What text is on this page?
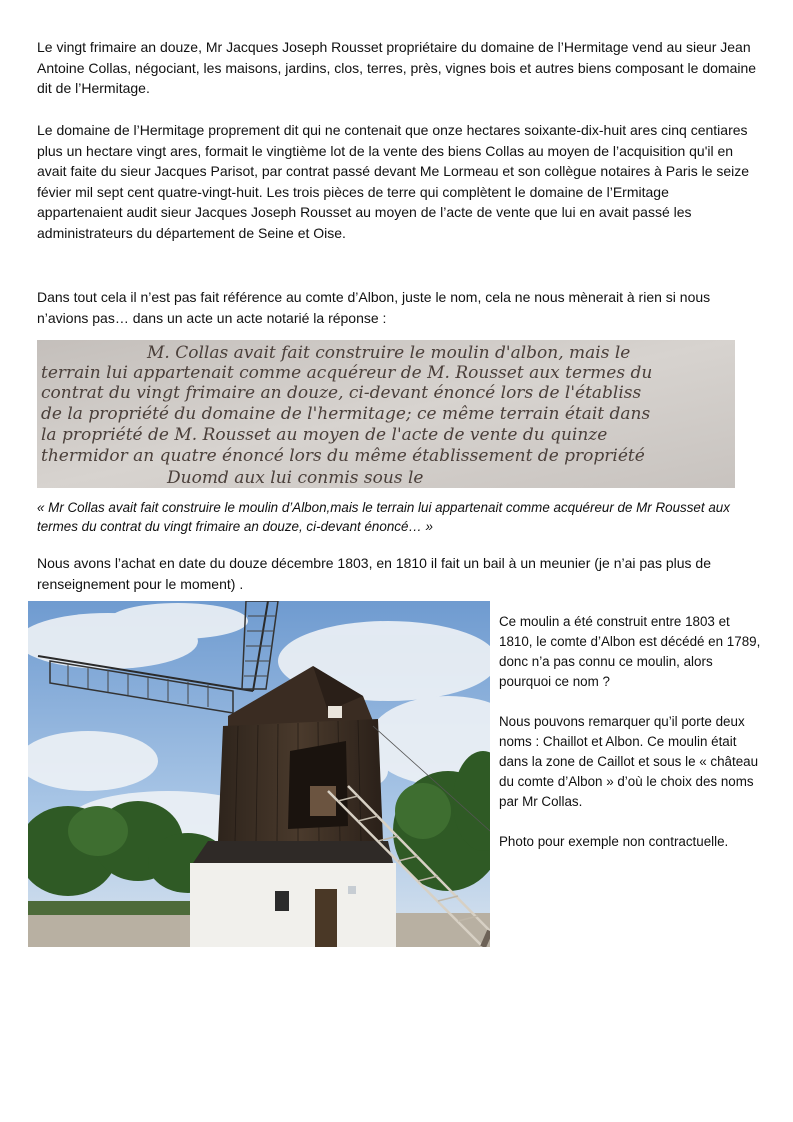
Le vingt frimaire an douze, Mr Jacques Joseph Rousset propriétaire du domaine de l’Hermitage vend au sieur Jean Antoine Collas, négociant, les maisons, jardins, clos, terres, près, vignes bois et autres biens composant le domaine dit de l’Hermitage.

Le domaine de l’Hermitage proprement dit qui ne contenait que onze hectares soixante-dix-huit ares cinq centiares plus un hectare vingt ares, formait le vingtième lot de la vente des biens Collas au moyen de l’acquisition qu'il en avait faite du sieur Jacques Parisot, par contrat passé devant Me Lormeau et son collègue notaires à Paris le seize févier mil sept cent quatre-vingt-huit. Les trois pièces de terre qui complètent le domaine de l’Ermitage appartenaient audit sieur Jacques Joseph Rousset au moyen de l’acte de vente que lui en avait passé les administrateurs du département de Seine et Oise.

Dans tout cela il n’est pas fait référence au comte d’Albon, juste le nom, cela ne nous mènerait à rien si nous n’avions pas… dans un acte un acte notarié la réponse :

M. Collas avait fait construire le moulin d'albon, mais le
terrain lui appartenait comme acquéreur de M. Rousset aux termes du
contrat du vingt frimaire an douze, ci-devant énoncé lors de l'établiss
de la propriété du domaine de l'hermitage; ce même terrain était dans
la propriété de M. Rousset au moyen de l'acte de vente du quinze
thermidor an quatre énoncé lors du même établissement de propriété
Duomd aux lui conmis sous le

« Mr Collas avait fait construire le moulin d’Albon,mais le terrain lui appartenait comme acquéreur de Mr Rousset aux termes du contrat du vingt frimaire an douze, ci-devant énoncé… »

Nous avons l’achat en date du douze décembre 1803, en 1810 il fait un bail à un meunier (je n’ai pas plus de renseignement pour le moment) .

Ce moulin a été construit entre 1803 et 1810, le comte d’Albon est décédé en 1789, donc n’a pas connu ce moulin, alors pourquoi ce nom ?

Nous pouvons remarquer qu’il porte deux noms : Chaillot et Albon. Ce moulin était dans la zone de Caillot et sous le « château du comte d’Albon » d’où le choix des noms par Mr Collas.

Photo pour exemple non contractuelle.
